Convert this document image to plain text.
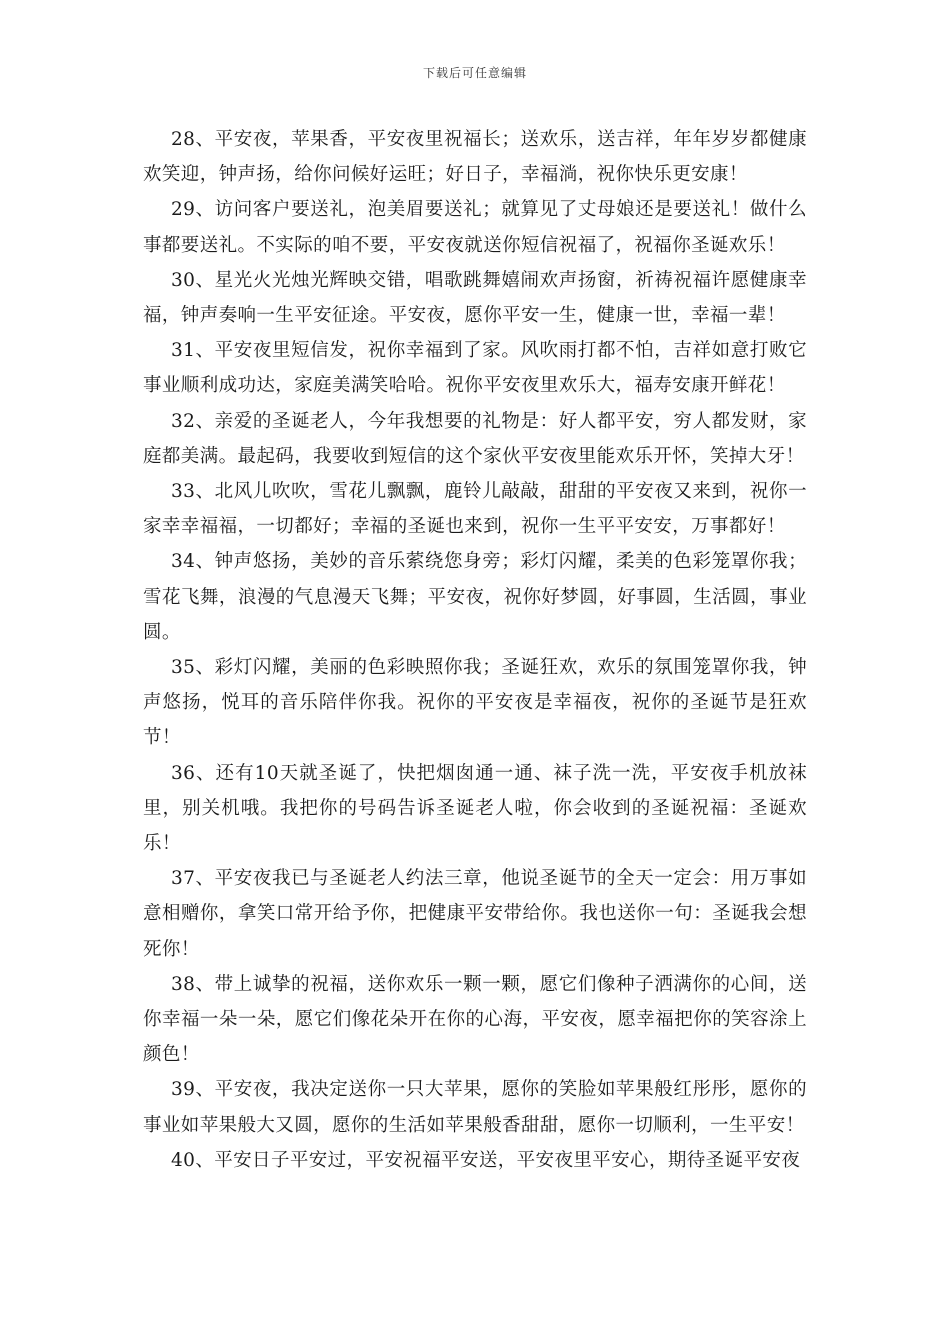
下载后可任意编辑

28、平安夜，苹果香，平安夜里祝福长；送欢乐，送吉祥，年年岁岁都健康欢笑迎，钟声扬，给你问候好运旺；好日子，幸福淌，祝你快乐更安康！

29、访问客户要送礼，泡美眉要送礼；就算见了丈母娘还是要送礼！做什么事都要送礼。不实际的咱不要，平安夜就送你短信祝福了，祝福你圣诞欢乐！

30、星光火光烛光辉映交错，唱歌跳舞嬉闹欢声扬窗，祈祷祝福许愿健康幸福，钟声奏响一生平安征途。平安夜，愿你平安一生，健康一世，幸福一辈！

31、平安夜里短信发，祝你幸福到了家。风吹雨打都不怕，吉祥如意打败它事业顺利成功达，家庭美满笑哈哈。祝你平安夜里欢乐大，福寿安康开鲜花！

32、亲爱的圣诞老人，今年我想要的礼物是：好人都平安，穷人都发财，家庭都美满。最起码，我要收到短信的这个家伙平安夜里能欢乐开怀，笑掉大牙！

33、北风儿吹吹，雪花儿飘飘，鹿铃儿敲敲，甜甜的平安夜又来到，祝你一家幸幸福福，一切都好；幸福的圣诞也来到，祝你一生平平安安，万事都好！

34、钟声悠扬，美妙的音乐萦绕您身旁；彩灯闪耀，柔美的色彩笼罩你我；雪花飞舞，浪漫的气息漫天飞舞；平安夜，祝你好梦圆，好事圆，生活圆，事业圆。

35、彩灯闪耀，美丽的色彩映照你我；圣诞狂欢，欢乐的氛围笼罩你我，钟声悠扬，悦耳的音乐陪伴你我。祝你的平安夜是幸福夜，祝你的圣诞节是狂欢节！

36、还有10天就圣诞了，快把烟囱通一通、袜子洗一洗，平安夜手机放袜里，别关机哦。我把你的号码告诉圣诞老人啦，你会收到的圣诞祝福：圣诞欢乐！

37、平安夜我已与圣诞老人约法三章，他说圣诞节的全天一定会：用万事如意相赠你，拿笑口常开给予你，把健康平安带给你。我也送你一句：圣诞我会想死你！

38、带上诚挚的祝福，送你欢乐一颗一颗，愿它们像种子洒满你的心间，送你幸福一朵一朵，愿它们像花朵开在你的心海，平安夜，愿幸福把你的笑容涂上颜色！

39、平安夜，我决定送你一只大苹果，愿你的笑脸如苹果般红彤彤，愿你的事业如苹果般大又圆，愿你的生活如苹果般香甜甜，愿你一切顺利，一生平安！

40、平安日子平安过，平安祝福平安送，平安夜里平安心，期待圣诞平安夜
